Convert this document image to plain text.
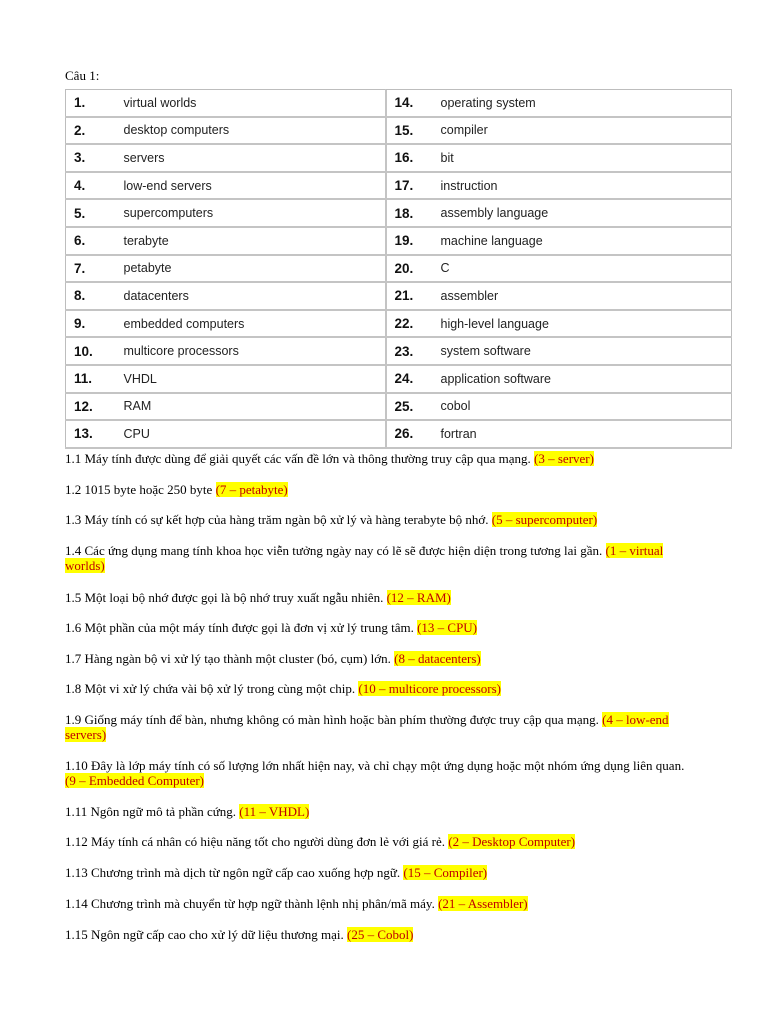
Câu 1:
1.	virtual worlds		14.	operating system
2.	desktop computers		15.	compiler
3.	servers		16.	bit
4.	low-end servers		17.	instruction
5.	supercomputers		18.	assembly language
6.	terabyte		19.	machine language
7.	petabyte		20.	C
8.	datacenters		21.	assembler
9.	embedded computers		22.	high-level language
10.	multicore processors		23.	system software
11.	VHDL		24.	application software
12.	RAM		25.	cobol
13.	CPU		26.	fortran
1.1 Máy tính được dùng để giải quyết các vấn đề lớn và thông thường truy cập qua mạng. (3 – server)
1.2 1015 byte hoặc 250 byte (7 – petabyte)
1.3 Máy tính có sự kết hợp của hàng trăm ngàn bộ xử lý và hàng terabyte bộ nhớ. (5 – supercomputer)
1.4 Các ứng dụng mang tính khoa học viễn tưởng ngày nay có lẽ sẽ được hiện diện trong tương lai gần. (1 – virtual worlds)
1.5 Một loại bộ nhớ được gọi là bộ nhớ truy xuất ngẫu nhiên. (12 – RAM)
1.6 Một phần của một máy tính được gọi là đơn vị xử lý trung tâm. (13 – CPU)
1.7 Hàng ngàn bộ vi xử lý tạo thành một cluster (bó, cụm) lớn. (8 – datacenters)
1.8 Một vi xử lý chứa vài bộ xử lý trong cùng một chip. (10 – multicore processors)
1.9 Giống máy tính để bàn, nhưng không có màn hình hoặc bàn phím thường được truy cập qua mạng. (4 – low-end servers)
1.10 Đây là lớp máy tính có số lượng lớn nhất hiện nay, và chỉ chạy một ứng dụng hoặc một nhóm ứng dụng liên quan. (9 – Embedded Computer)
1.11 Ngôn ngữ mô tả phần cứng. (11 – VHDL)
1.12 Máy tính cá nhân có hiệu năng tốt cho người dùng đơn lẻ với giá rẻ. (2 – Desktop Computer)
1.13 Chương trình mà dịch từ ngôn ngữ cấp cao xuống hợp ngữ. (15 – Compiler)
1.14 Chương trình mà chuyển từ hợp ngữ thành lệnh nhị phân/mã máy. (21 – Assembler)
1.15 Ngôn ngữ cấp cao cho xử lý dữ liệu thương mại. (25 – Cobol)
